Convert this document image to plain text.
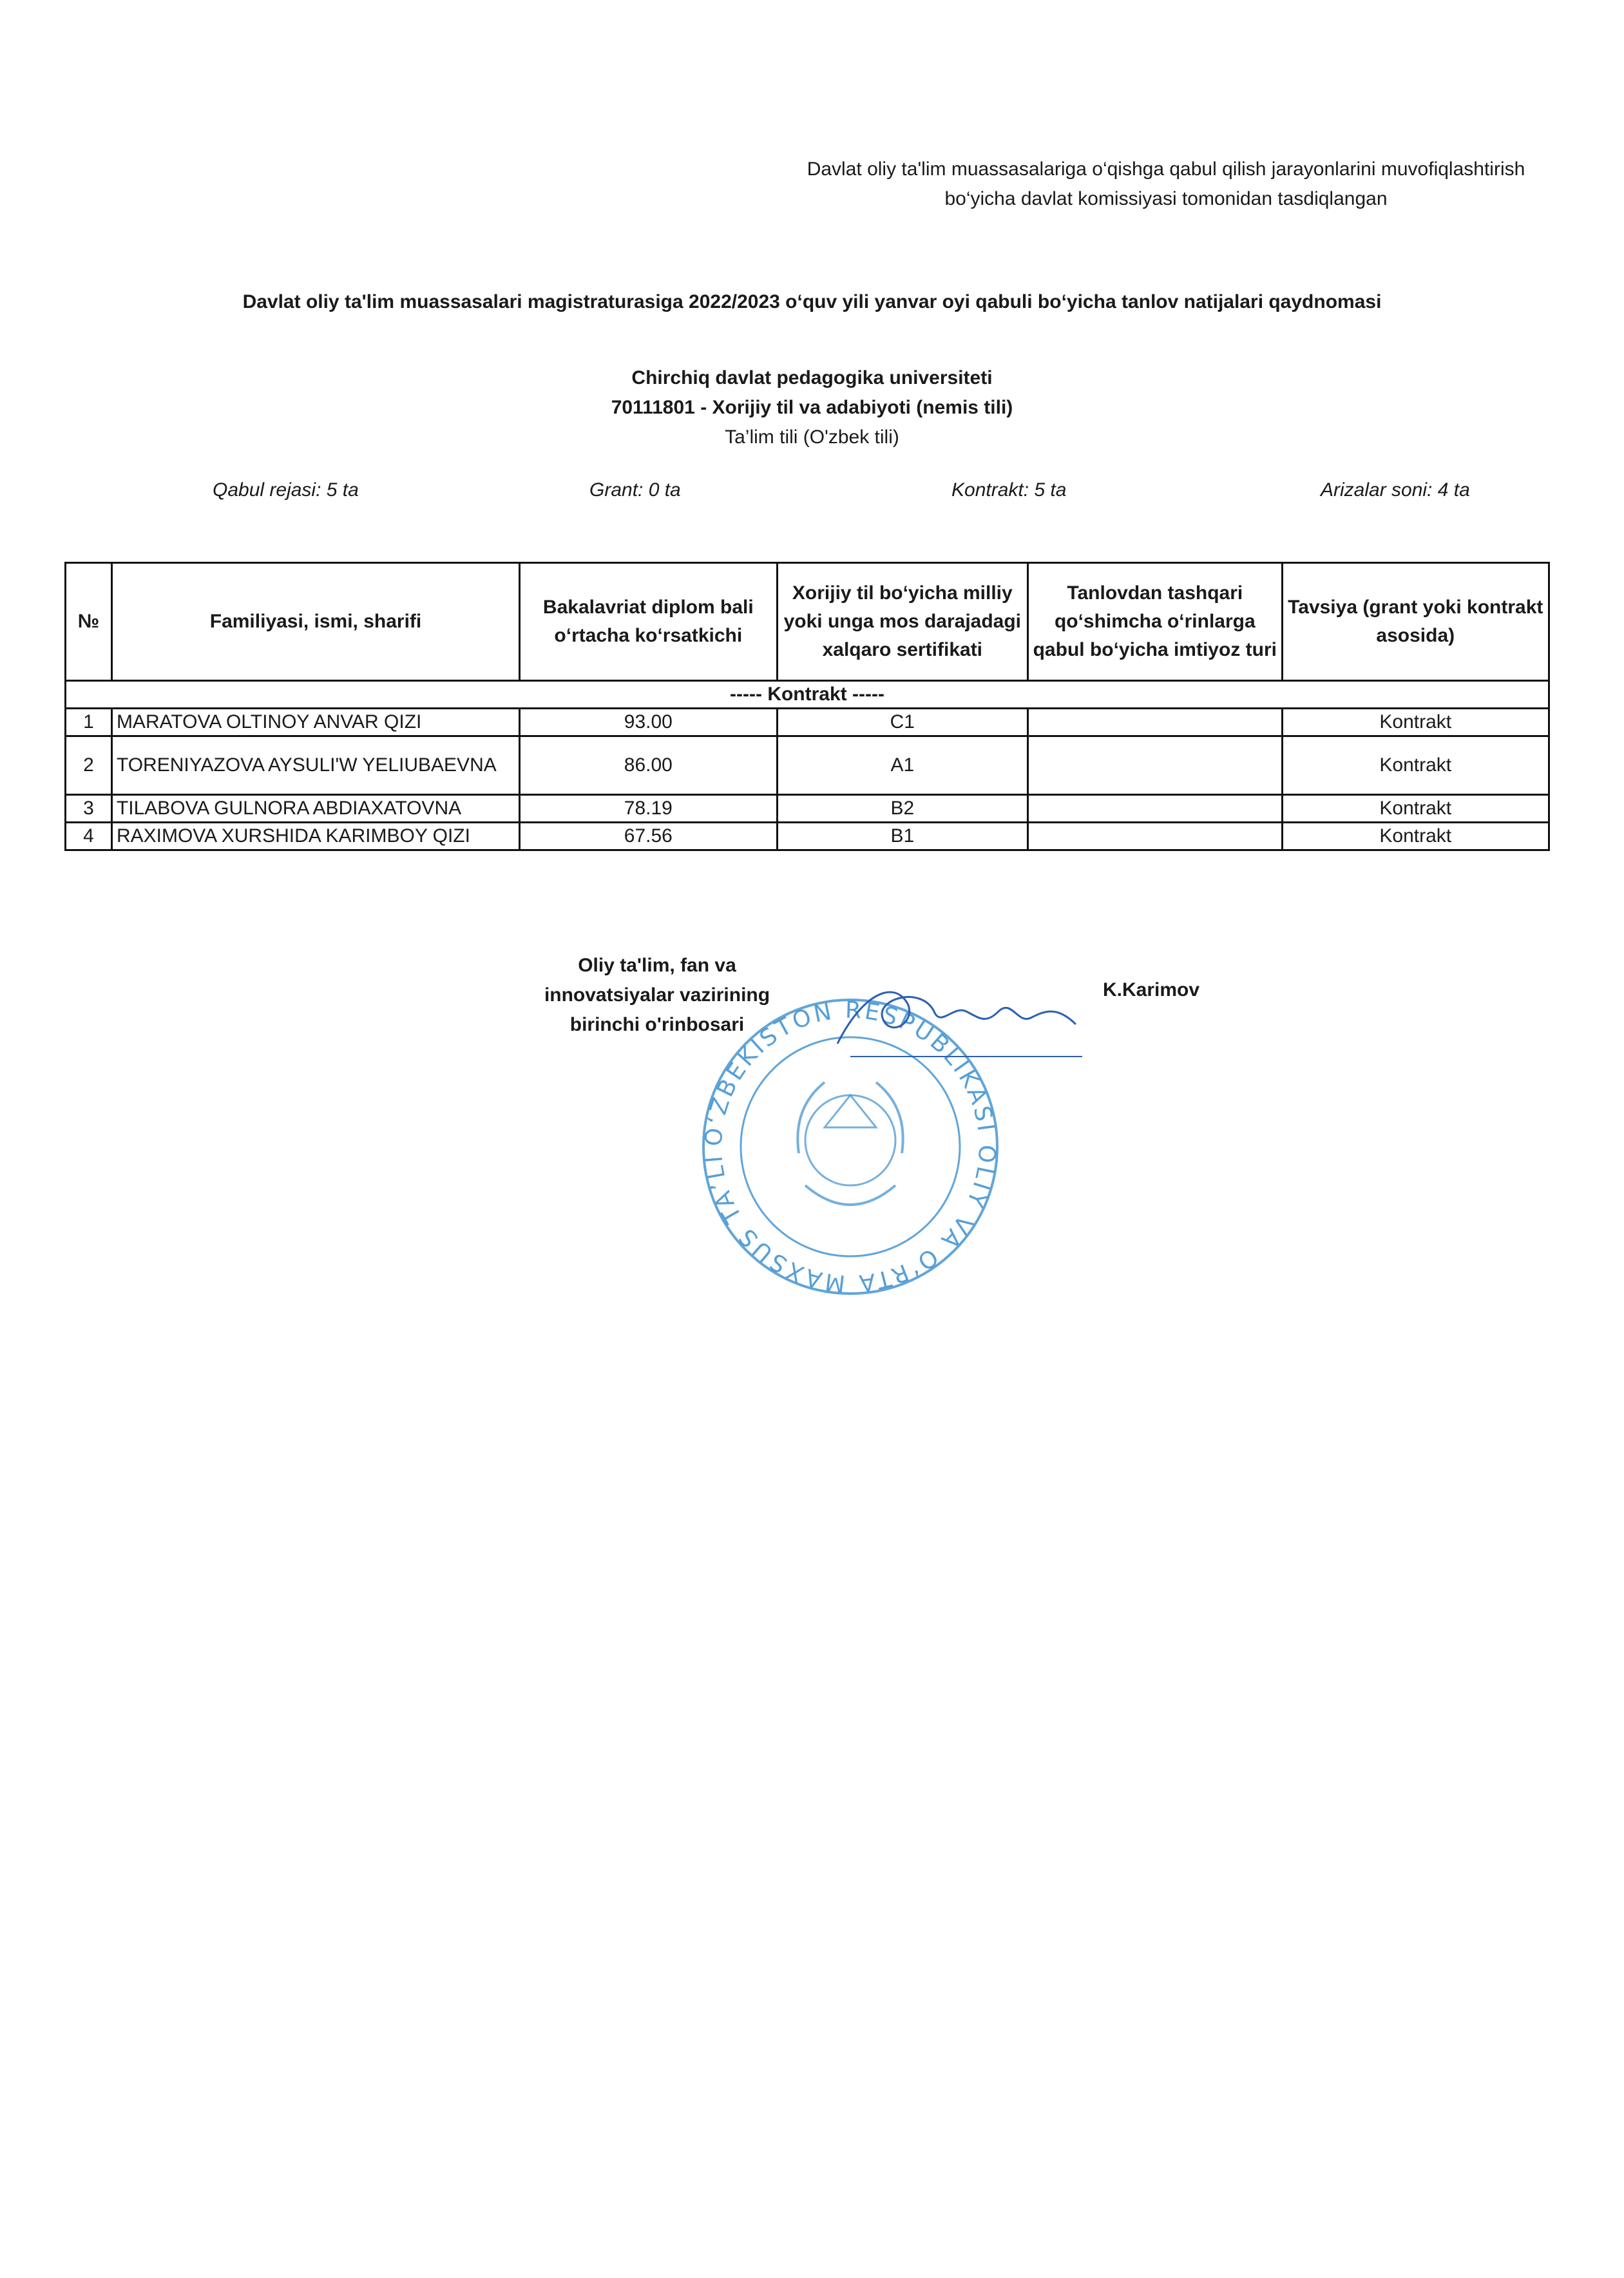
Davlat oliy ta'lim muassasalariga o‘qishga qabul qilish jarayonlarini muvofiqlashtirish
bo‘yicha davlat komissiyasi tomonidan tasdiqlangan
Davlat oliy ta'lim muassasalari magistraturasiga 2022/2023 o‘quv yili yanvar oyi qabuli bo‘yicha tanlov natijalari qaydnomasi
Chirchiq davlat pedagogika universiteti
70111801 - Xorijiy til va adabiyoti (nemis tili)
Ta’lim tili (O'zbek tili)
Qabul rejasi: 5 ta	Grant: 0 ta	Kontrakt: 5 ta	Arizalar soni: 4 ta
№	Familiyasi, ismi, sharifi	Bakalavriat diplom bali o‘rtacha ko‘rsatkichi	Xorijiy til bo‘yicha milliy yoki unga mos darajadagi xalqaro sertifikati	Tanlovdan tashqari qo‘shimcha o‘rinlarga qabul bo‘yicha imtiyoz turi	Tavsiya (grant yoki kontrakt asosida)
----- Kontrakt -----					
1	MARATOVA OLTINOY ANVAR QIZI	93.00	C1		Kontrakt
2	TORENIYAZOVA AYSULI'W YELIUBAEVNA	86.00	A1		Kontrakt
3	TILABOVA GULNORA ABDIAXATOVNA	78.19	B2		Kontrakt
4	RAXIMOVA XURSHIDA KARIMBOY QIZI	67.56	B1		Kontrakt
O‘ZBEKISTON RESPUBLIKASI OLIY VA O‘RTA MAXSUS TA’LI
Oliy ta'lim, fan va
innovatsiyalar vazirining
birinchi o'rinbosari
K.Karimov
